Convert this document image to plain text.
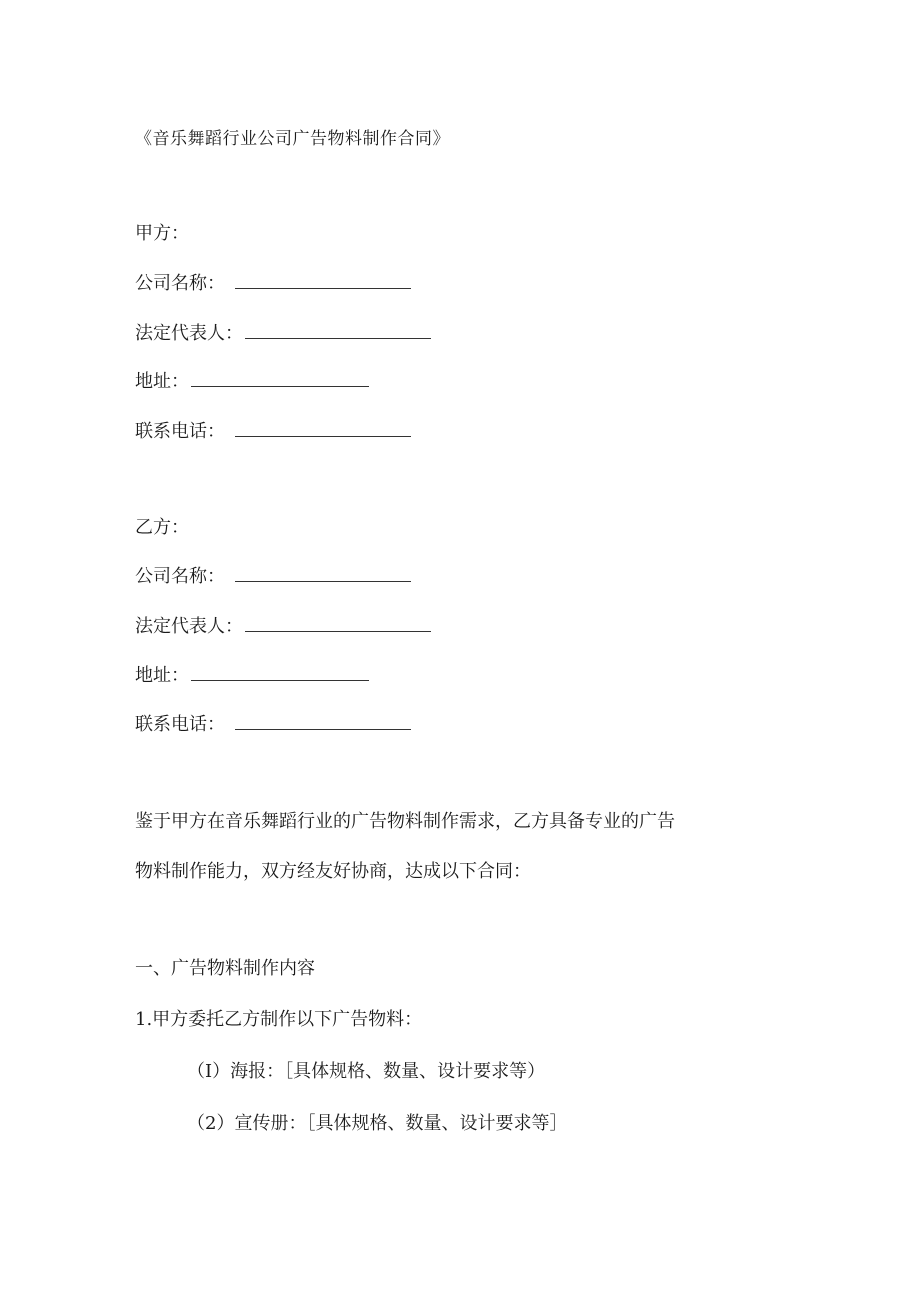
《音乐舞蹈行业公司广告物料制作合同》
甲方：
公司名称：
法定代表人：
地址：
联系电话：
乙方：
公司名称：
法定代表人：
地址：
联系电话：
鉴于甲方在音乐舞蹈行业的广告物料制作需求，乙方具备专业的广告
物料制作能力，双方经友好协商，达成以下合同：
一、广告物料制作内容
1.甲方委托乙方制作以下广告物料：
（I）海报：［具体规格、数量、设计要求等）
（2）宣传册：［具体规格、数量、设计要求等］
